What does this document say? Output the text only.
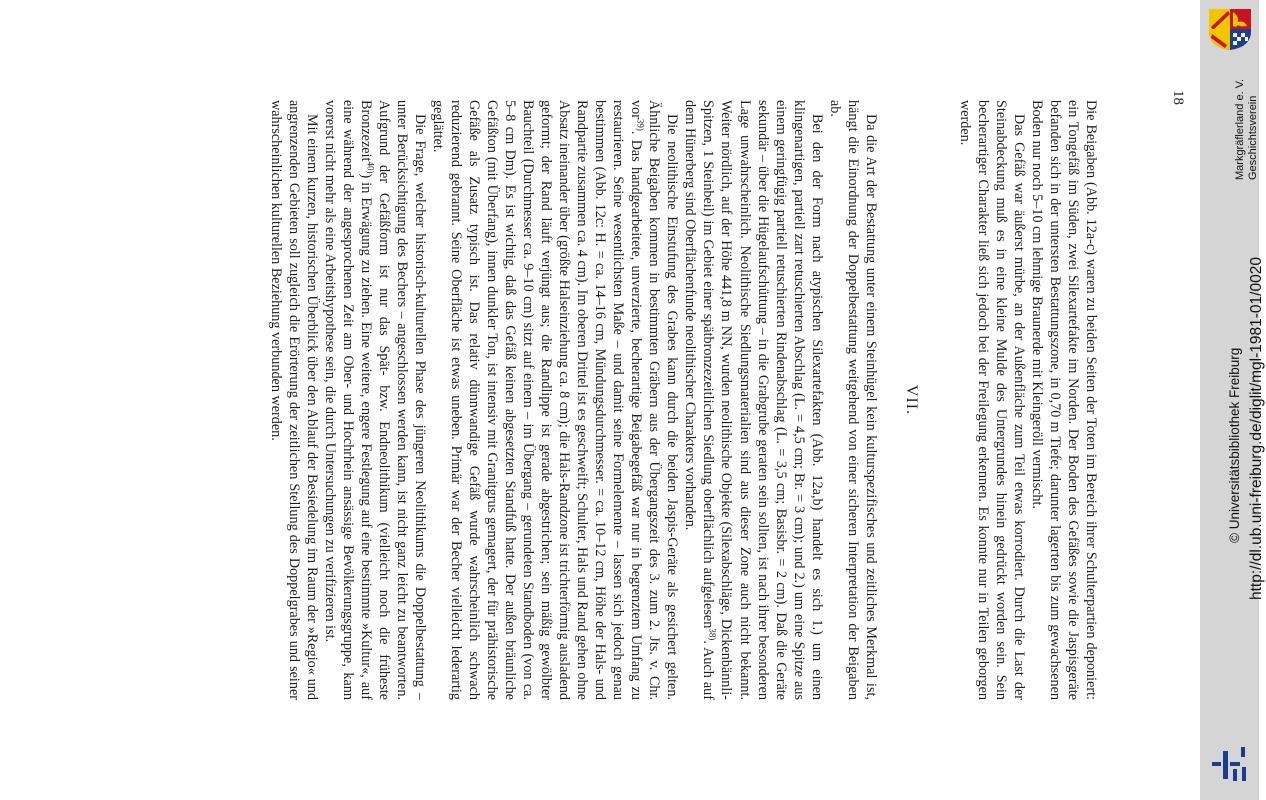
18

Die Beigaben (Abb. 12a-c) waren zu beiden Seiten der Toten im Bereich ihrer Schulterpartien deponiert: ein Tongefäß im Süden, zwei Silexartefakte im Norden. Der Boden des Gefäßes sowie die Jaspisgeräte befanden sich in der untersten Bestattungszone, in 0,70 m Tiefe; darunter lagerten bis zum gewachsenen Boden nur noch 5–10 cm lehmige Braunerde mit Kleingeröll vermischt.

Das Gefäß war äußerst mürbe, an der Außenfläche zum Teil etwas korrodiert. Durch die Last der Steinabdeckung muß es in eine kleine Mulde des Untergrundes hinein gedrückt worden sein. Sein becherartiger Charakter ließ sich jedoch bei der Freilegung erkennen. Es konnte nur in Teilen geborgen werden.

VII.

Da die Art der Bestattung unter einem Steinhügel kein kulturspezifisches und zeitliches Merkmal ist, hängt die Einordnung der Doppelbestattung weitgehend von einer sicheren Interpretation der Beigaben ab.

Bei den der Form nach atypischen Silexartefakten (Abb. 12a,b) handelt es sich 1.) um einen klingenartigen, partiell zart retuschierten Abschlag (L. = 4,5 cm; Br. = 3 cm); und 2.) um eine Spitze aus einem geringfügig partiell retuschierten Rindenabschlag (L. = 3,5 cm; Basisbr. = 2 cm). Daß die Geräte sekundär – über die Hügelaufschüttung – in die Grabgrube geraten sein sollten, ist nach ihrer besonderen Lage unwahrscheinlich. Neolithische Siedlungsmaterialien sind aus dieser Zone auch nicht bekannt. Weiter nördlich, auf der Höhe 441,8 m NN, wurden neolithische Objekte (Silexabschläge, Dickenbännli-Spitzen, 1 Steinbeil) im Gebiet einer spätbronzezeitlichen Siedlung oberflächlich aufgelesen$^{38)}$. Auch auf dem Hünerberg sind Oberflächenfunde neolithischer Charakters vorhanden.

Die neolithische Einstufung des Grabes kann durch die beiden Jaspis-Geräte als gesichert gelten. Ähnliche Beigaben kommen in bestimmten Gräbern aus der Übergangszeit des 3. zum 2. Jts. v. Chr. vor$^{39)}$. Das handgearbeitete, unverzierte, becherartige Beigabegefäß war nur in begrenztem Umfang zu restaurieren. Seine wesentlichsten Maße – und damit seine Formelemente – lassen sich jedoch genau bestimmen (Abb. 12c: H. = ca. 14–16 cm, Mündungsdurchmesser. = ca. 10–12 cm, Höhe der Hals- und Randpartie zusammen ca. 4 cm). Im oberen Drittel ist es geschweift; Schulter, Hals und Rand gehen ohne Absatz ineinander über (größte Halseinziehung ca. 8 cm); die Hals-Randzone ist trichterförmig ausladend geformt; der Rand läuft verjüngt aus; die Randlippe ist gerade abgestrichen; sein mäßig gewölbter Bauchteil (Durchmesser ca. 9–10 cm) sitzt auf einem – im Übergang – gerundeten Standboden (von ca. 5–8 cm Dm). Es ist wichtig, daß das Gefäß keinen abgesetzten Standfuß hatte. Der außen bräunliche Gefäßton (mit Überfang), innen dunkler Ton, ist intensiv mit Granitgrus gemagert, der für prähistorische Gefäße als Zusatz typisch ist. Das relativ dünnwandige Gefäß wurde wahrscheinlich schwach reduzierend gebrannt. Seine Oberfläche ist etwas uneben. Primär war der Becher vielleicht lederartig geglättet.

Die Frage, welcher historisch-kulturellen Phase des jüngeren Neolithikums die Doppelbestattung – unter Berücksichtigung des Bechers – angeschlossen werden kann, ist nicht ganz leicht zu beantworten. Aufgrund der Gefäßform ist nur das Spät- bzw. Endneolithikum (vielleicht noch die früheste Bronzezeit$^{40)}$) in Erwägung zu ziehen. Eine weitere, engere Festlegung auf eine bestimmte »Kultur«, auf eine während der angesprochenen Zeit am Ober- und Hochrhein ansässige Bevölkerungsgruppe, kann vorerst nicht mehr als eine Arbeitshypothese sein, die durch Untersuchungen zu verifizieren ist.

Mit einem kurzen, historischen Überblick über den Ablauf der Besiedelung im Raum der »Regio« und angrenzenden Gebieten soll zugleich die Erörterung der zeitlichen Stellung des Doppelgrabes und seiner wahrscheinlichen kulturellen Beziehung verbunden werden.	Geschichtsverein
Markgräflerland e. V.
http://dl.ub.uni-freiburg.de/diglit/mgl-1981-01/0020
© Universitätsbibliothek Freiburg
